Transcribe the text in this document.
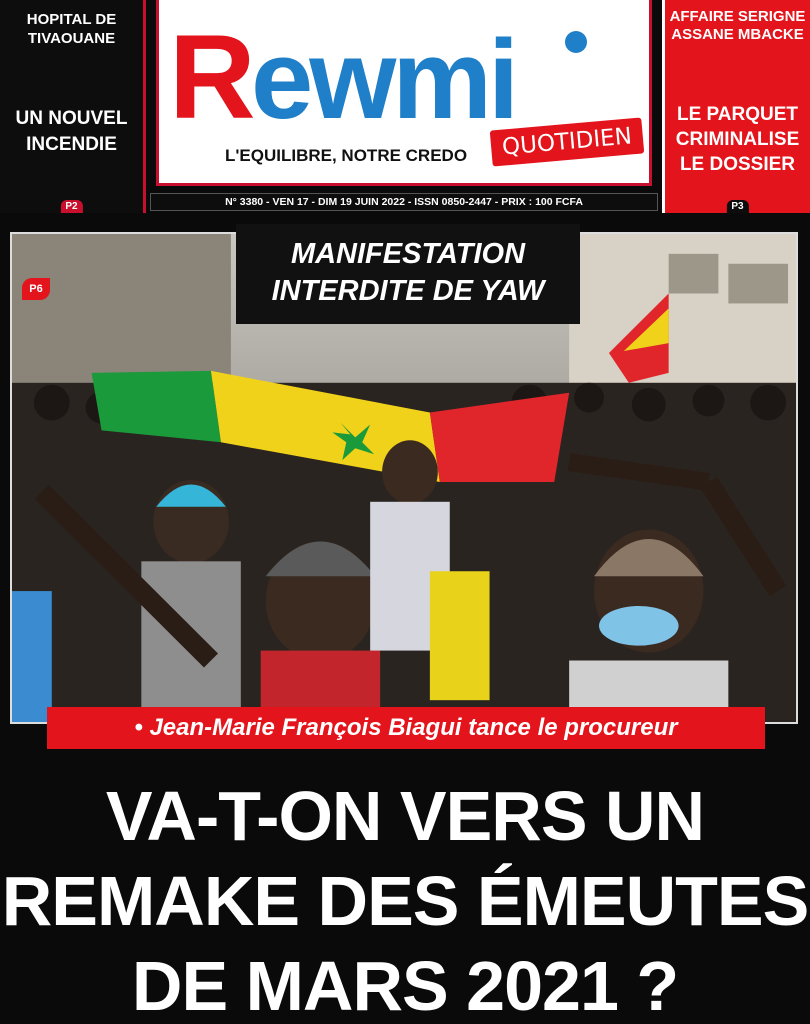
HOPITAL DE TIVAOUANE
UN NOUVEL INCENDIE
P2
R ewmi
L'EQUILIBRE, NOTRE CREDO	QUOTIDIEN
N° 3380 - VEN 17 - DIM 19 JUIN 2022 - ISSN 0850-2447 - PRIX : 100 FCFA
AFFAIRE SERIGNE ASSANE MBACKE
LE PARQUET CRIMINALISE LE DOSSIER
P3
P6
MANIFESTATION
INTERDITE DE YAW
• Jean-Marie François Biagui tance le procureur
VA-T-ON VERS UN
REMAKE DES ÉMEUTES
DE MARS 2021 ?
